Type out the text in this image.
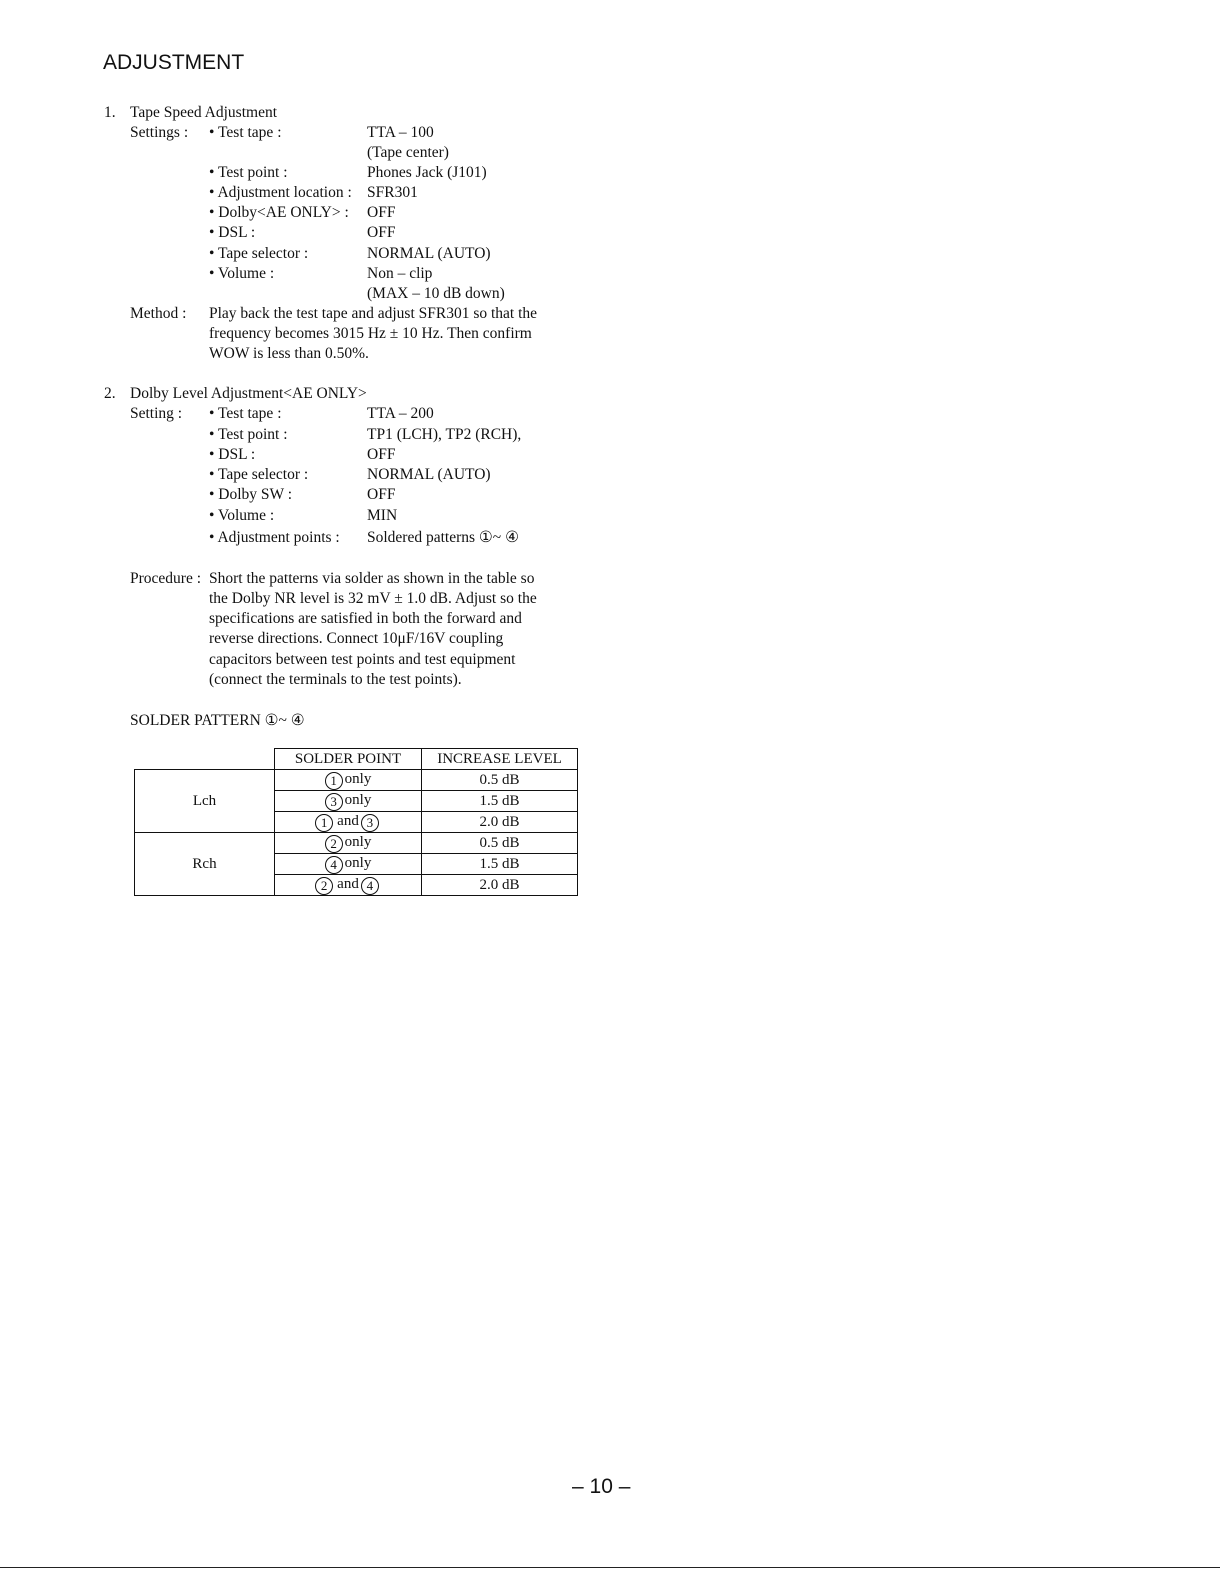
ADJUSTMENT
1. Tape Speed Adjustment
Settings : • Test tape :	TTA – 100
(Tape center)
• Test point :	Phones Jack (J101)
• Adjustment location : SFR301
• Dolby<AE ONLY> : OFF
• DSL :	OFF
• Tape selector :	NORMAL (AUTO)
• Volume :	Non – clip
(MAX – 10 dB down)
Method : Play back the test tape and adjust SFR301 so that the
frequency becomes 3015 Hz ± 10 Hz. Then confirm
WOW is less than 0.50%.
2. Dolby Level Adjustment<AE ONLY>
Setting : • Test tape :	TTA – 200
• Test point :	TP1 (LCH), TP2 (RCH),
• DSL :	OFF
• Tape selector :	NORMAL (AUTO)
• Dolby SW :	OFF
• Volume :	MIN
• Adjustment points : Soldered patterns ①~ ④
Procedure : Short the patterns via solder as shown in the table so
the Dolby NR level is 32 mV ± 1.0 dB. Adjust so the
specifications are satisfied in both the forward and
reverse directions. Connect 10μF/16V coupling
capacitors between test points and test equipment
(connect the terminals to the test points).
SOLDER PATTERN ①~ ④
	SOLDER POINT	INCREASE LEVEL
Lch	1 only	0.5 dB
	3 only	1.5 dB
	1 and 3	2.0 dB
Rch	2 only	0.5 dB
	4 only	1.5 dB
	2 and 4	2.0 dB
– 10 –
